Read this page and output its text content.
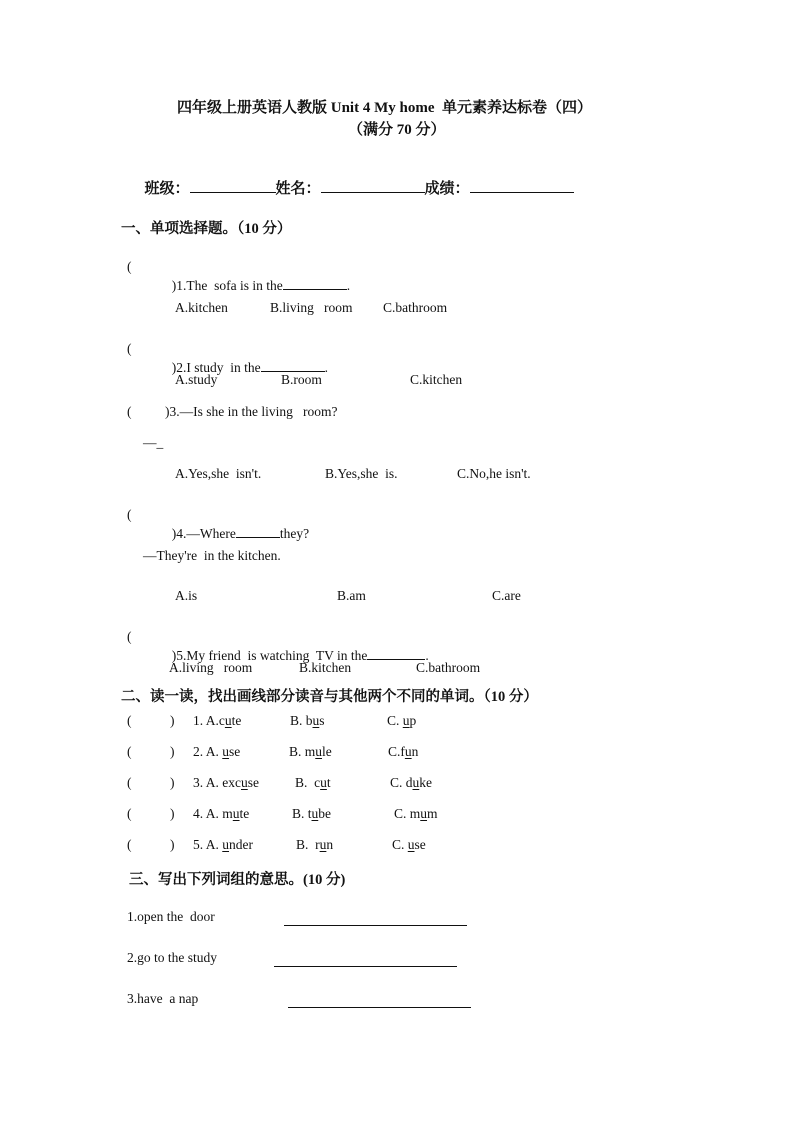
四年级上册英语人教版 Unit 4 My home  单元素养达标卷（四）
（满分 70 分）

班级：	姓名：	成绩：

一、单项选择题。（10 分）
(

)1.The  sofa is in the	.

A.kitchen	B.living   room C.bathroom
(

)2.I study  in the	.

A.study	B.room	C.kitchen
( )3.—Is she in the living   room?
—_
A.Yes,she  isn't.	B.Yes,she  is.	C.No,he isn't.
(

)4.—Where	they?

—They're  in the kitchen.
A.is	B.am	C.are
(

)5.My friend  is watching  TV in the	.

A.living   room	B.kitchen	C.bathroom
二、读一读，找出画线部分读音与其他两个不同的单词。（10 分）
(	) 1. A.cute	B. bus	C. up
(	) 2. A. use	B. mule	C.fun
(	) 3. A. excuse	B.  cut	C. duke
(	) 4. A. mute	B. tube	C. mum
(	) 5. A. under	B.  run	C. use
三、写出下列词组的意思。(10 分)
1.open the  door
2.go to the study
3.have  a nap
